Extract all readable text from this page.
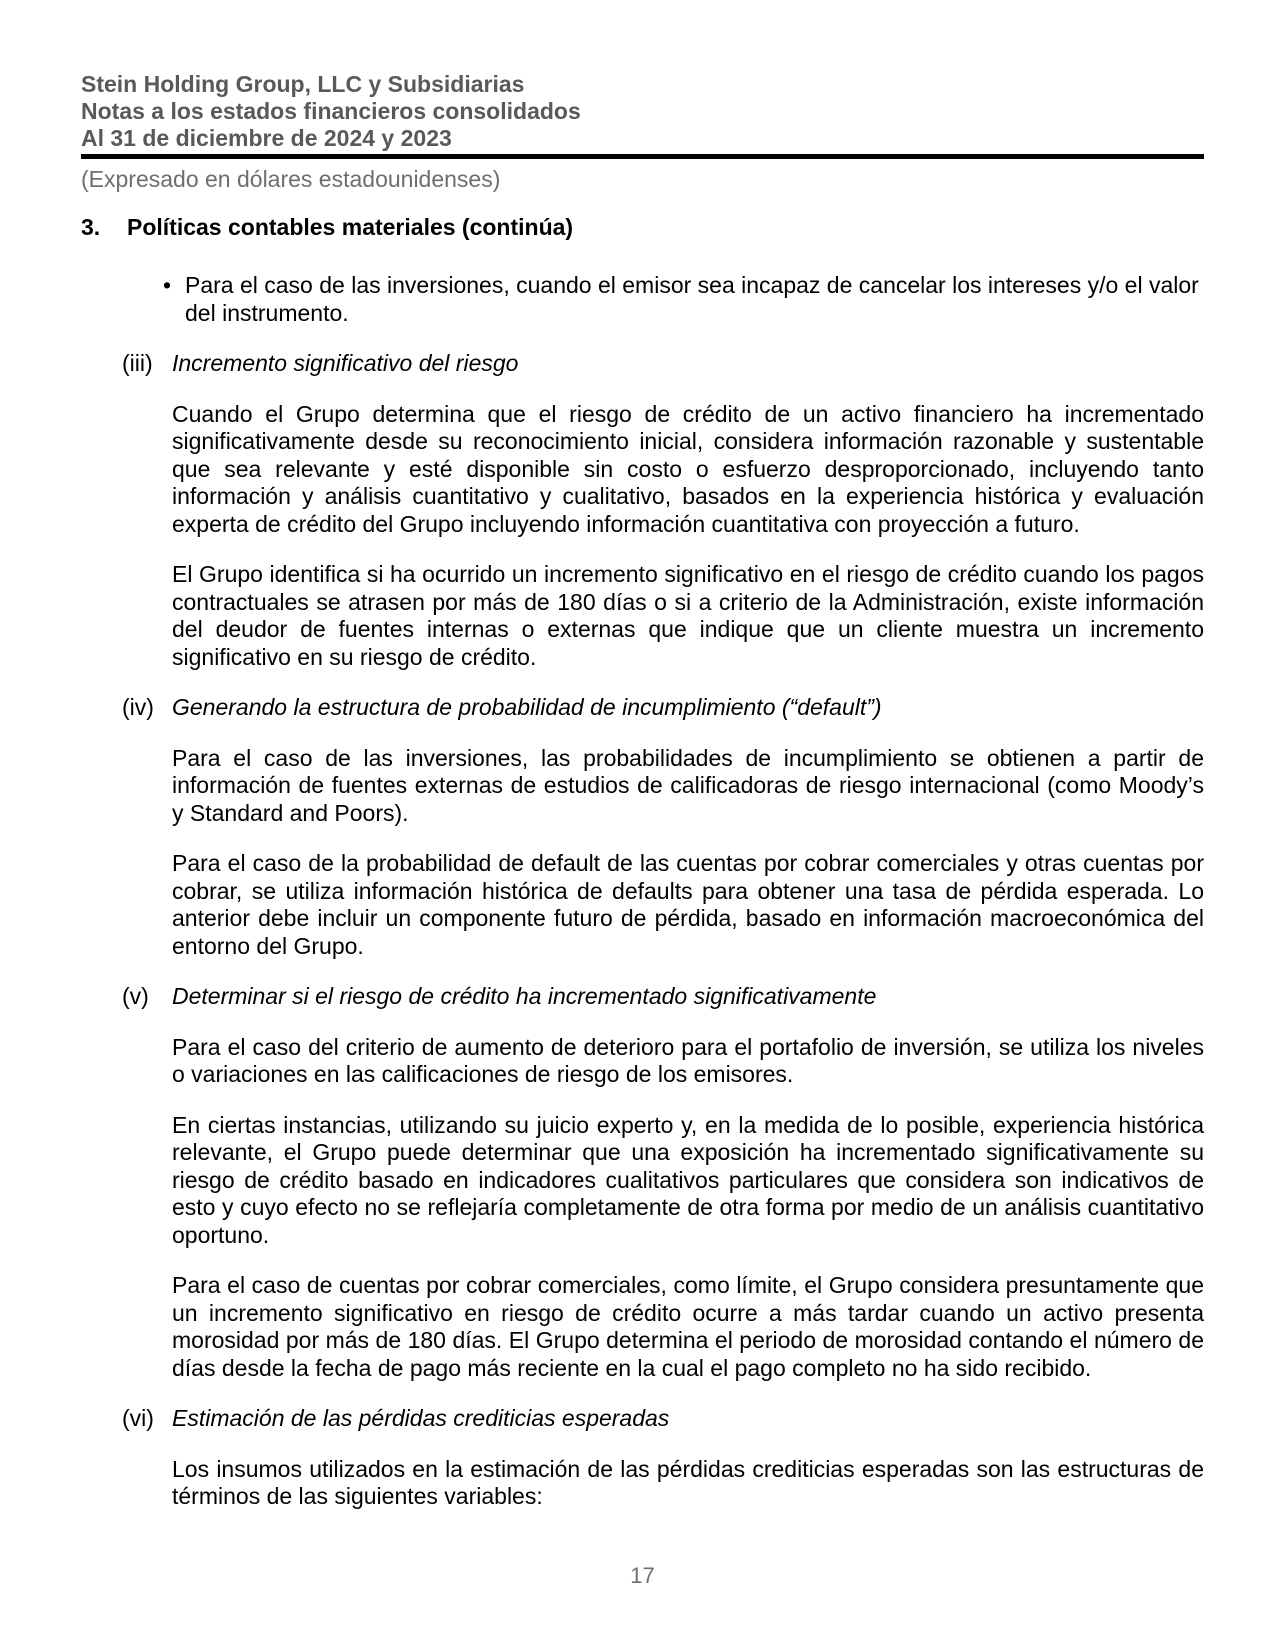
Stein Holding Group, LLC y Subsidiarias
Notas a los estados financieros consolidados
Al 31 de diciembre de 2024 y 2023
(Expresado en dólares estadounidenses)
3.	Políticas contables materiales (continúa)
• Para el caso de las inversiones, cuando el emisor sea incapaz de cancelar los intereses y/o el valor del instrumento.
(iii) Incremento significativo del riesgo

Cuando el Grupo determina que el riesgo de crédito de un activo financiero ha incrementado significativamente desde su reconocimiento inicial, considera información razonable y sustentable que sea relevante y esté disponible sin costo o esfuerzo desproporcionado, incluyendo tanto información y análisis cuantitativo y cualitativo, basados en la experiencia histórica y evaluación experta de crédito del Grupo incluyendo información cuantitativa con proyección a futuro.

El Grupo identifica si ha ocurrido un incremento significativo en el riesgo de crédito cuando los pagos contractuales se atrasen por más de 180 días o si a criterio de la Administración, existe información del deudor de fuentes internas o externas que indique que un cliente muestra un incremento significativo en su riesgo de crédito.

(iv) Generando la estructura de probabilidad de incumplimiento (“default”)

Para el caso de las inversiones, las probabilidades de incumplimiento se obtienen a partir de información de fuentes externas de estudios de calificadoras de riesgo internacional (como Moody’s y Standard and Poors).

Para el caso de la probabilidad de default de las cuentas por cobrar comerciales y otras cuentas por cobrar, se utiliza información histórica de defaults para obtener una tasa de pérdida esperada. Lo anterior debe incluir un componente futuro de pérdida, basado en información macroeconómica del entorno del Grupo.

(v)	Determinar si el riesgo de crédito ha incrementado significativamente

Para el caso del criterio de aumento de deterioro para el portafolio de inversión, se utiliza los niveles o variaciones en las calificaciones de riesgo de los emisores.

En ciertas instancias, utilizando su juicio experto y, en la medida de lo posible, experiencia histórica relevante, el Grupo puede determinar que una exposición ha incrementado significativamente su riesgo de crédito basado en indicadores cualitativos particulares que considera son indicativos de esto y cuyo efecto no se reflejaría completamente de otra forma por medio de un análisis cuantitativo oportuno.

Para el caso de cuentas por cobrar comerciales, como límite, el Grupo considera presuntamente que un incremento significativo en riesgo de crédito ocurre a más tardar cuando un activo presenta morosidad por más de 180 días. El Grupo determina el periodo de morosidad contando el número de días desde la fecha de pago más reciente en la cual el pago completo no ha sido recibido.

(vi) Estimación de las pérdidas crediticias esperadas

Los insumos utilizados en la estimación de las pérdidas crediticias esperadas son las estructuras de términos de las siguientes variables:

17
